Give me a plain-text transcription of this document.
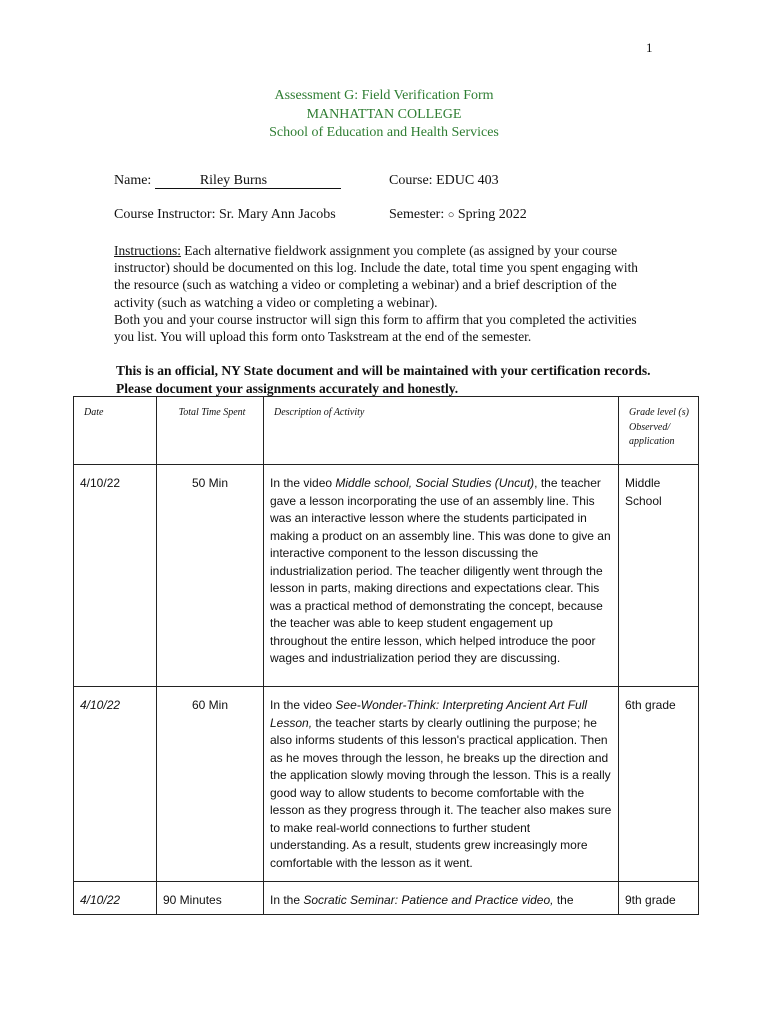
1
Assessment G: Field Verification Form
MANHATTAN COLLEGE
School of Education and Health Services
Name:	Riley Burns	Course: EDUC 403
Course Instructor: Sr. Mary Ann Jacobs	Semester: ○ Spring 2022
Instructions: Each alternative fieldwork assignment you complete (as assigned by your course instructor) should be documented on this log. Include the date, total time you spent engaging with the resource (such as watching a video or completing a webinar) and a brief description of the activity (such as watching a video or completing a webinar).
Both you and your course instructor will sign this form to affirm that you completed the activities you list. You will upload this form onto Taskstream at the end of the semester.
This is an official, NY State document and will be maintained with your certification records. Please document your assignments accurately and honestly.
Date	Total Time Spent	Description of Activity	Grade level (s) Observed/ application
4/10/22	50 Min	In the video Middle school, Social Studies (Uncut), the teacher gave a lesson incorporating the use of an assembly line. This was an interactive lesson where the students participated in making a product on an assembly line. This was done to give an interactive component to the lesson discussing the industrialization period. The teacher diligently went through the lesson in parts, making directions and expectations clear. This was a practical method of demonstrating the concept, because the teacher was able to keep student engagement up throughout the entire lesson, which helped introduce the poor wages and industrialization period they are discussing.	Middle School
4/10/22	60 Min	In the video See-Wonder-Think: Interpreting Ancient Art Full Lesson, the teacher starts by clearly outlining the purpose; he also informs students of this lesson's practical application. Then as he moves through the lesson, he breaks up the direction and the application slowly moving through the lesson. This is a really good way to allow students to become comfortable with the lesson as they progress through it. The teacher also makes sure to make real-world connections to further student understanding. As a result, students grew increasingly more comfortable with the lesson as it went.	6th grade
4/10/22	90 Minutes	In the Socratic Seminar: Patience and Practice video, the	9th grade
